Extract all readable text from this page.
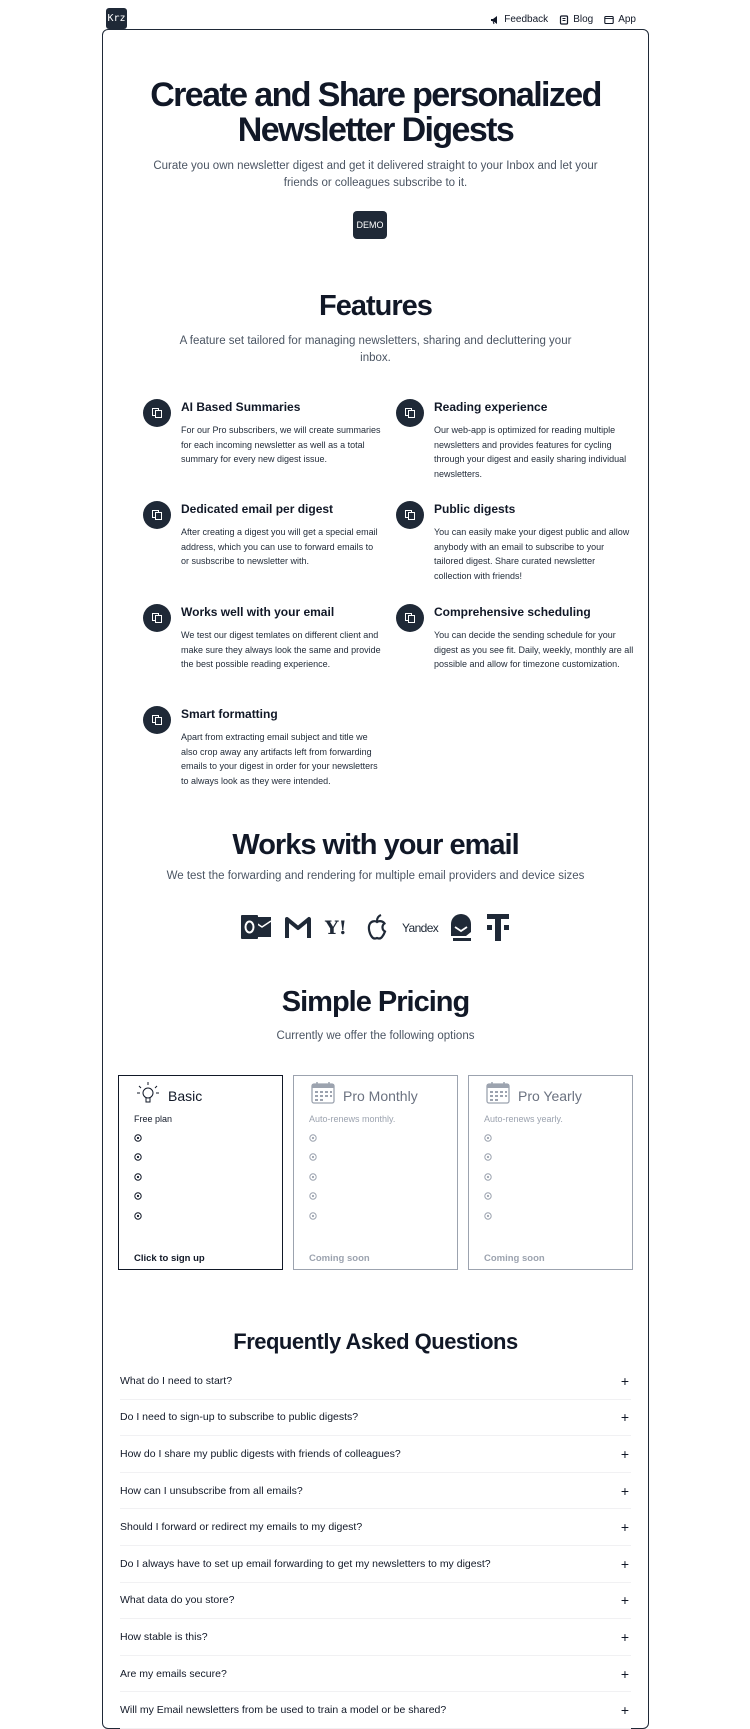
Krz	Feedback	Blog	App
Create and Share personalized
Newsletter Digests

Curate you own newsletter digest and get it delivered straight to your Inbox and let your friends or colleagues subscribe to it.

DEMO
Features

A feature set tailored for managing newsletters, sharing and decluttering your inbox.

AI Based Summaries

For our Pro subscribers, we will create summaries for each incoming newsletter as well as a total summary for every new digest issue.

Reading experience

Our web-app is optimized for reading multiple newsletters and provides features for cycling through your digest and easily sharing individual newsletters.

Dedicated email per digest

After creating a digest you will get a special email address, which you can use to forward emails to or susbscribe to newsletter with.

Public digests

You can easily make your digest public and allow anybody with an email to subscribe to your tailored digest. Share curated newsletter collection with friends!

Works well with your email

We test our digest temlates on different client and make sure they always look the same and provide the best possible reading experience.

Comprehensive scheduling

You can decide the sending schedule for your digest as you see fit. Daily, weekly, monthly are all possible and allow for timezone customization.

Smart formatting

Apart from extracting email subject and title we also crop away any artifacts left from forwarding emails to your digest in order for your newsletters to always look as they were intended.

Works with your email

We test the forwarding and rendering for multiple email providers and device sizes

Y!	Yandex
Simple Pricing

Currently we offer the following options

Basic
Free plan
Click to sign up
Pro Monthly
Auto-renews monthly.
Coming soon
Pro Yearly
Auto-renews yearly.
Coming soon
Frequently Asked Questions
What do I need to start?	+
Do I need to sign-up to subscribe to public digests?	+
How do I share my public digests with friends of colleagues?	+
How can I unsubscribe from all emails?	+
Should I forward or redirect my emails to my digest?	+
Do I always have to set up email forwarding to get my newsletters to my digest?	+
What data do you store?	+
How stable is this?	+
Are my emails secure?	+
Will my Email newsletters from be used to train a model or be shared?	+
